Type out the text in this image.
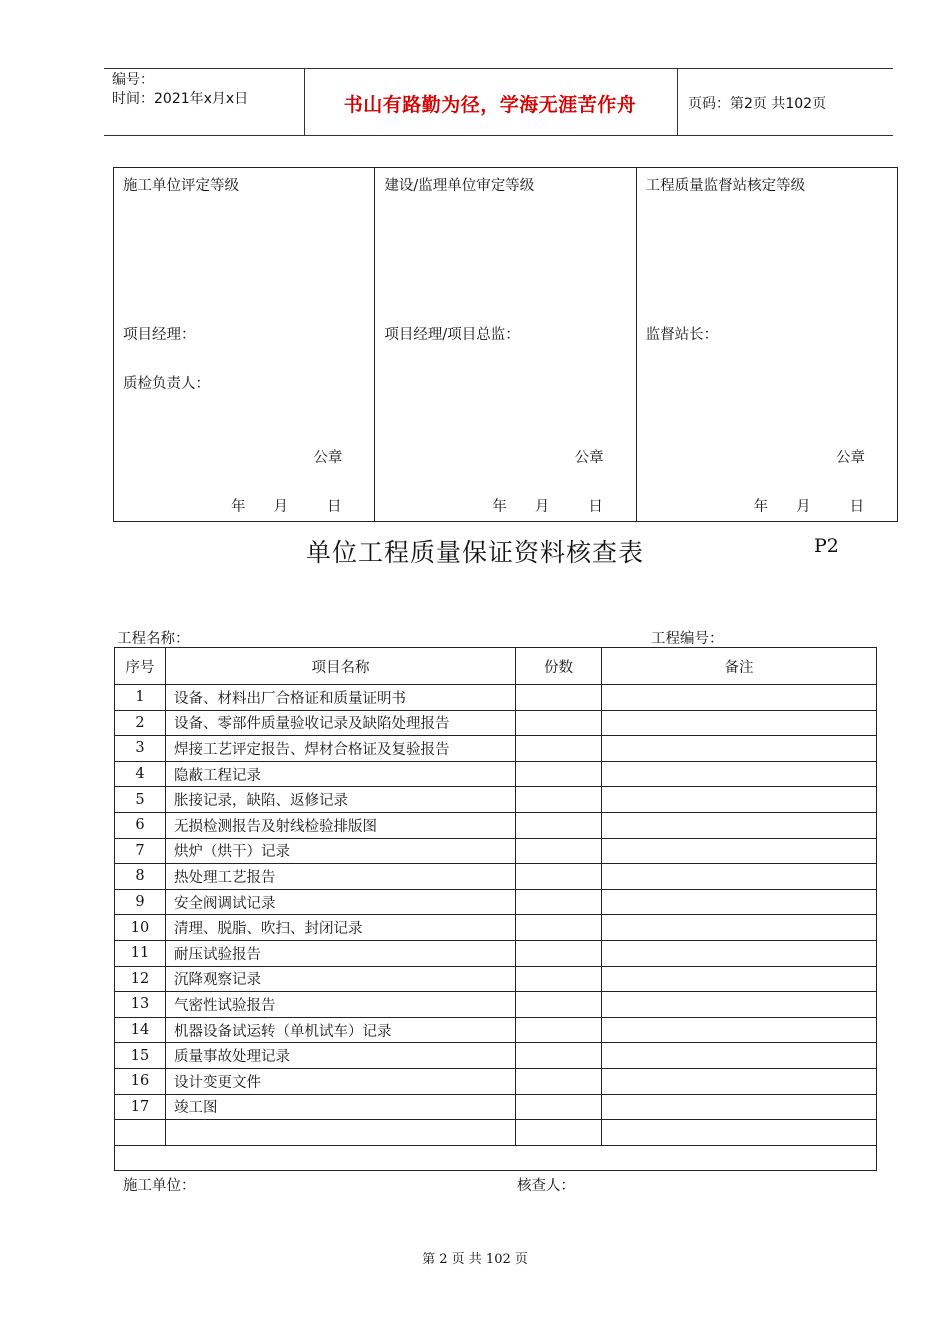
编号：
时间：2021年x月x日	书山有路勤为径，学海无涯苦作舟	页码：第2页 共102页
施工单位评定等级
项目经理：
质检负责人：
公章
年 月	日
建设/监理单位审定等级
项目经理/项目总监：
公章
年 月	日
工程质量监督站核定等级
监督站长：
公章
年 月	日
单位工程质量保证资料核查表	P2
工程名称：	工程编号：
序号	项目名称	份数	备注
1	设备、材料出厂合格证和质量证明书		
2	设备、零部件质量验收记录及缺陷处理报告		
3	焊接工艺评定报告、焊材合格证及复验报告		
4	隐蔽工程记录		
5	胀接记录，缺陷、返修记录		
6	无损检测报告及射线检验排版图		
7	烘炉（烘干）记录		
8	热处理工艺报告		
9	安全阀调试记录		
10	清理、脱脂、吹扫、封闭记录		
11	耐压试验报告		
12	沉降观察记录		
13	气密性试验报告		
14	机器设备试运转（单机试车）记录		
15	质量事故处理记录		
16	设计变更文件		
17	竣工图		

施工单位： 核查人：			
第 2 页 共 102 页
